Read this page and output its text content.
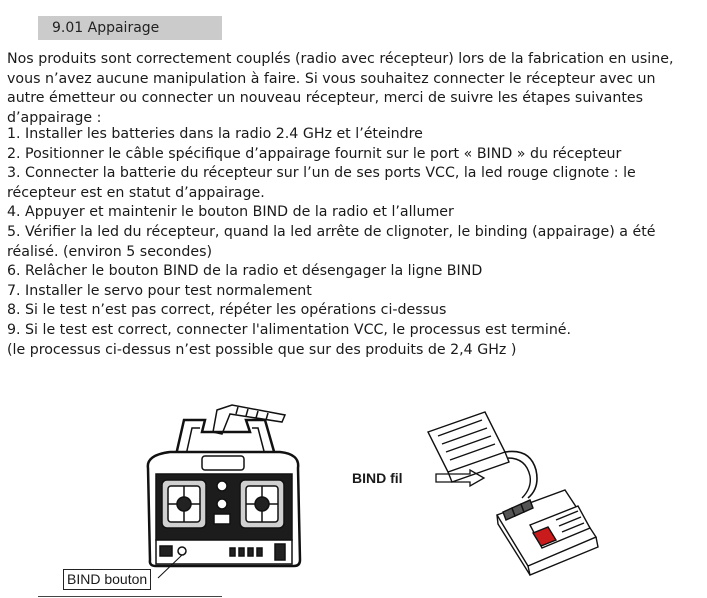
9.01 Appairage

Nos produits sont correctement couplés (radio avec récepteur) lors de la fabrication en usine, vous n’avez aucune manipulation à faire. Si vous souhaitez connecter le récepteur avec un autre émetteur ou connecter un nouveau récepteur, merci de suivre les étapes suivantes d’appairage :

1. Installer les batteries dans la radio 2.4 GHz et l’éteindre
2. Positionner le câble spécifique d’appairage fournit sur le port « BIND » du récepteur
3. Connecter la batterie du récepteur sur l’un de ses ports VCC, la led rouge clignote : le récepteur est en statut d’appairage.
4. Appuyer et maintenir le bouton BIND de la radio et l’allumer
5. Vérifier la led du récepteur, quand la led arrête de clignoter, le binding (appairage) a été réalisé. (environ 5 secondes)
6. Relâcher le bouton BIND de la radio et désengager la ligne BIND
7. Installer le servo pour test normalement
8. Si le test n’est pas correct, répéter les opérations ci-dessus
9. Si le test est correct, connecter l'alimentation VCC, le processus est terminé.
(le processus ci-dessus n’est possible que sur des produits de 2,4 GHz )
BIND fil
BIND bouton
